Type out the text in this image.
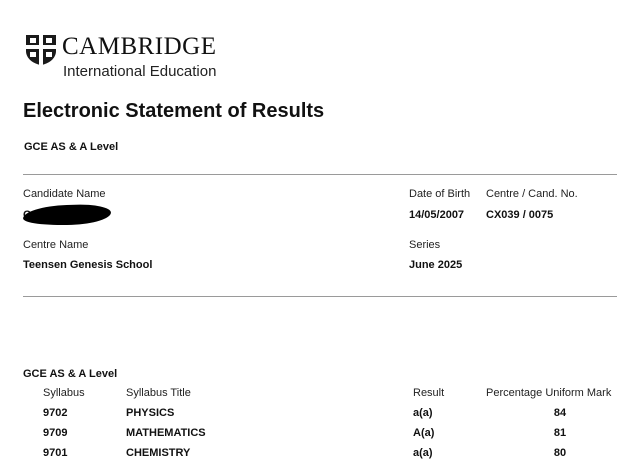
CAMBRIDGE
International Education
Electronic Statement of Results
GCE AS & A Level
Candidate Name	Date of Birth
14/05/2007
Centre / Cand. No.
CX039 / 0075
Centre Name
Teensen Genesis School
Series
June 2025
GCE AS & A Level
Syllabus	Syllabus Title	Result	Percentage Uniform Mark
9702	PHYSICS	a(a)	84
9709	MATHEMATICS	A(a)	81
9701	CHEMISTRY	a(a)	80
